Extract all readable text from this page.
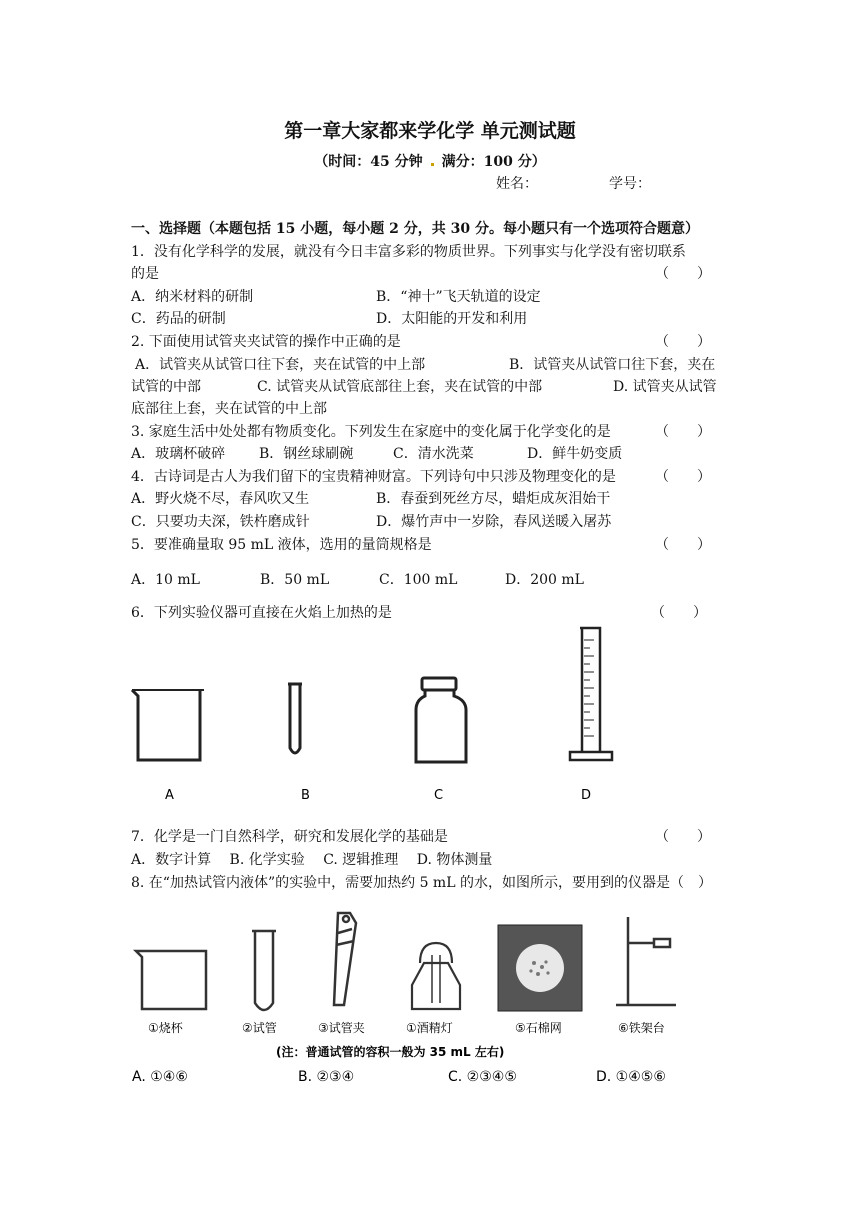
第一章大家都来学化学 单元测试题
（时间：45 分钟 满分：100 分）
姓名：	学号：
一、选择题（本题包括 15 小题，每小题 2 分，共 30 分。每小题只有一个选项符合题意）
1．没有化学科学的发展，就没有今日丰富多彩的物质世界。下列事实与化学没有密切联系
的是	（　　）
A．纳米材料的研制	B．“神十”飞天轨道的设定
C．药品的研制	D．太阳能的开发和利用
2. 下面使用试管夹夹试管的操作中正确的是	（　　）
A．试管夹从试管口往下套，夹在试管的中上部	B．试管夹从试管口往下套，夹在
试管的中部	C. 试管夹从试管底部往上套，夹在试管的中部	D. 试管夹从试管
底部往上套，夹在试管的中上部
3. 家庭生活中处处都有物质变化。下列发生在家庭中的变化属于化学变化的是	（　　）
A．玻璃杯破碎 B．钢丝球刷碗	C．清水洗菜	D．鲜牛奶变质
4．古诗词是古人为我们留下的宝贵精神财富。下列诗句中只涉及物理变化的是	（　　）
A．野火烧不尽，春风吹又生	B．春蚕到死丝方尽，蜡炬成灰泪始干
C．只要功夫深，铁杵磨成针	D．爆竹声中一岁除，春风送暖入屠苏
5．要准确量取 95 mL 液体，选用的量筒规格是	（　　）
A．10 mL	B．50 mL	C．100 mL	D．200 mL
6．下列实验仪器可直接在火焰上加热的是	（　　）
A	B	C	D
7．化学是一门自然科学，研究和发展化学的基础是	（　　）
A．数字计算　 B. 化学实验　 C. 逻辑推理　 D. 物体测量
8. 在“加热试管内液体”的实验中，需要加热约 5 mL 的水，如图所示，要用到的仪器是（　）
①烧杯	②试管	③试管夹	①酒精灯	⑤石棉网	⑥铁架台
(注：普通试管的容积一般为 35 mL 左右)
A. ①④⑥	B. ②③④	C. ②③④⑤	D. ①④⑤⑥
